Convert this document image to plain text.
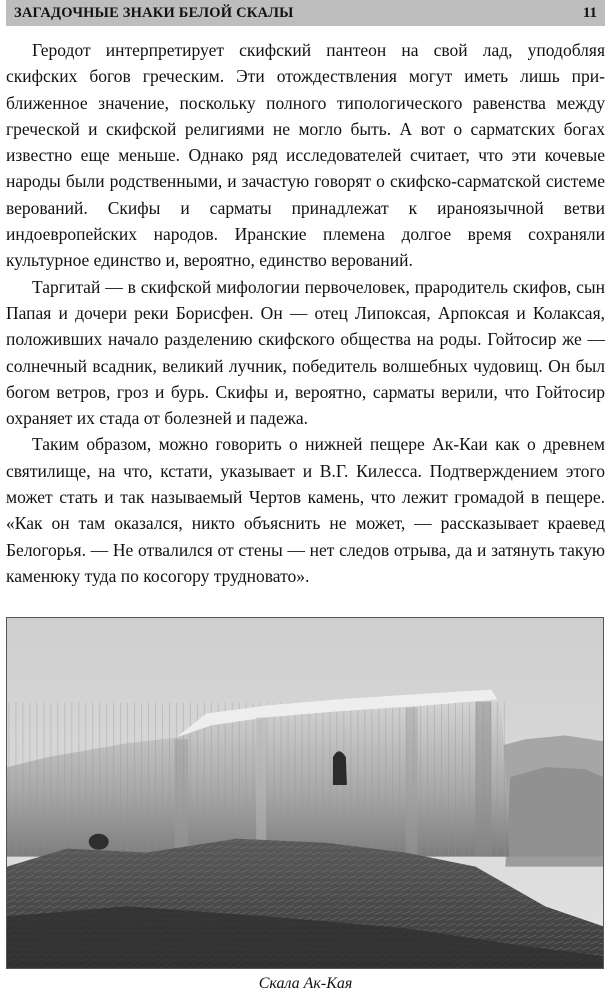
ЗАГАДОЧНЫЕ ЗНАКИ БЕЛОЙ СКАЛЫ	11

Геродот интерпретирует скифский пантеон на свой лад, уподобляя скифских богов греческим. Эти отождествления могут иметь лишь приближенное значение, поскольку полного типологического равенства между греческой и скифской религиями не могло быть. А вот о сарматских богах известно еще меньше. Однако ряд исследователей считает, что эти кочевые народы были родственными, и зачастую говорят о скифско-сарматской системе верований. Скифы и сарматы принадлежат к ираноязычной ветви индоевропейских народов. Иранские племена долгое время сохраняли культурное единство и, вероятно, единство верований.

Таргитай — в скифской мифологии первочеловек, прародитель скифов, сын Папая и дочери реки Борисфен. Он — отец Липоксая, Арпоксая и Колаксая, положивших начало разделению скифского общества на роды. Гойтосир же — солнечный всадник, великий лучник, победитель волшебных чудовищ. Он был богом ветров, гроз и бурь. Скифы и, вероятно, сарматы верили, что Гойтосир охраняет их стада от болезней и падежа.

Таким образом, можно говорить о нижней пещере Ак-Каи как о древнем святилище, на что, кстати, указывает и В.Г. Килесса. Подтверждением этого может стать и так называемый Чертов камень, что лежит громадой в пещере. «Как он там оказался, никто объяснить не может, — рассказывает краевед Белогорья. — Не отвалился от стены — нет следов отрыва, да и затянуть такую каменюку туда по косогору трудновато».

Скала Ак-Кая
